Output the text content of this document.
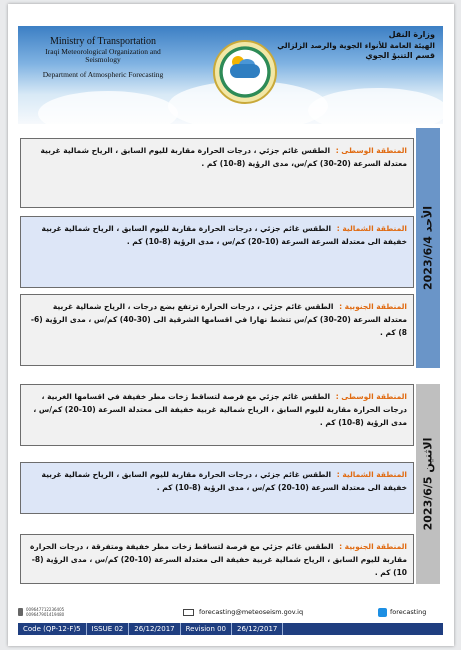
Ministry of Transportation
Iraqi Meteorological Organization and Seismology
Department of Atmospheric Forecasting
وزارة النقل
الهيئة العامة للأنواء الجوية والرصد الزلزالي
قسم التنبؤ الجوي
المنطقة الوسطى : الطقس غائم جزئي ، درجات الحرارة مقاربة لليوم السابق ، الرياح شمالية غربية معتدلة السرعة (20-30) كم/س، مدى الرؤية (8-10) كم .
المنطقة الشمالية : الطقس غائم جزئي ، درجات الحرارة مقاربة لليوم السابق ، الرياح شمالية غربية خفيفة الى معتدلة السرعة السرعة (10-20) كم/س ، مدى الرؤية (8-10) كم .
المنطقة الجنوبية : الطقس غائم جزئي ، درجات الحرارة ترتفع بضع درجات ، الرياح شمالية غربية معتدلة السرعة (20-30) كم/س تنشط نهارا في اقسامها الشرقية الى (30-40) كم/س ، مدى الرؤية (6-8) كم .
الأحد 2023/6/4
المنطقة الوسطى : الطقس غائم جزئي مع فرصة لتساقط زخات مطر خفيفة في اقسامها الغربية ، درجات الحرارة مقاربة لليوم السابق ، الرياح شمالية غربية خفيفة الى معتدلة السرعة (10-20) كم/س ، مدى الرؤية (8-10) كم .
المنطقة الشمالية : الطقس غائم جزئي ، درجات الحرارة مقاربة لليوم السابق ، الرياح شمالية غربية خفيفة الى معتدلة السرعة (10-20) كم/س ، مدى الرؤية (8-10) كم .
المنطقة الجنوبية : الطقس غائم جزئي مع فرصة لتساقط زخات مطر خفيفة ومتفرقة ، درجات الحرارة مقاربة لليوم السابق ، الرياح شمالية غربية خفيفة الى معتدلة السرعة (10-20) كم/س ، مدى الرؤية (8-10) كم .
الاثنين 2023/6/5
009647712236405
009647901419480	forecasting@meteoseism.gov.iq	forecasting
Code (QP-12-F)5	ISSUE 02	26/12/2017	Revision 00	26/12/2017
